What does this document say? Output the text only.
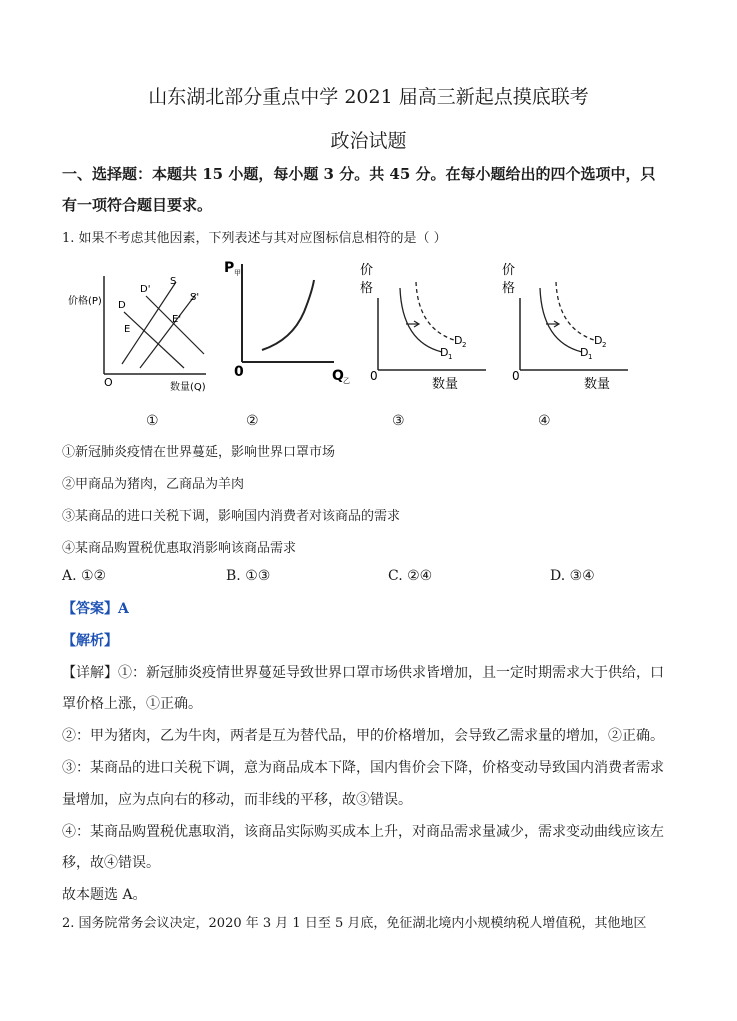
山东湖北部分重点中学 2021 届高三新起点摸底联考
政治试题
一、选择题：本题共 15 小题，每小题 3 分。共 45 分。在每小题给出的四个选项中，只
有一项符合题目要求。
1. 如果不考虑其他因素，下列表述与其对应图标信息相符的是（ ）
价格(P)
数量(Q)
O
D
D'
S
S'
E
E'
P 甲
Q 乙
0
价
格
0
数量
D 2
D 1
价
格
0
数量
D 2
D 1
①	②	③	④
①新冠肺炎疫情在世界蔓延，影响世界口罩市场
②甲商品为猪肉，乙商品为羊肉
③某商品的进口关税下调，影响国内消费者对该商品的需求
④某商品购置税优惠取消影响该商品需求
A. ①②	B. ①③	C. ②④	D. ③④
【答案】A
【解析】
【详解】①：新冠肺炎疫情世界蔓延导致世界口罩市场供求皆增加，且一定时期需求大于供给，口
罩价格上涨，①正确。
②：甲为猪肉，乙为牛肉，两者是互为替代品，甲的价格增加，会导致乙需求量的增加，②正确。
③：某商品的进口关税下调，意为商品成本下降，国内售价会下降，价格变动导致国内消费者需求
量增加，应为点向右的移动，而非线的平移，故③错误。
④：某商品购置税优惠取消，该商品实际购买成本上升，对商品需求量减少，需求变动曲线应该左
移，故④错误。
故本题选 A。
2. 国务院常务会议决定，2020 年 3 月 1 日至 5 月底，免征湖北境内小规模纳税人增值税，其他地区
